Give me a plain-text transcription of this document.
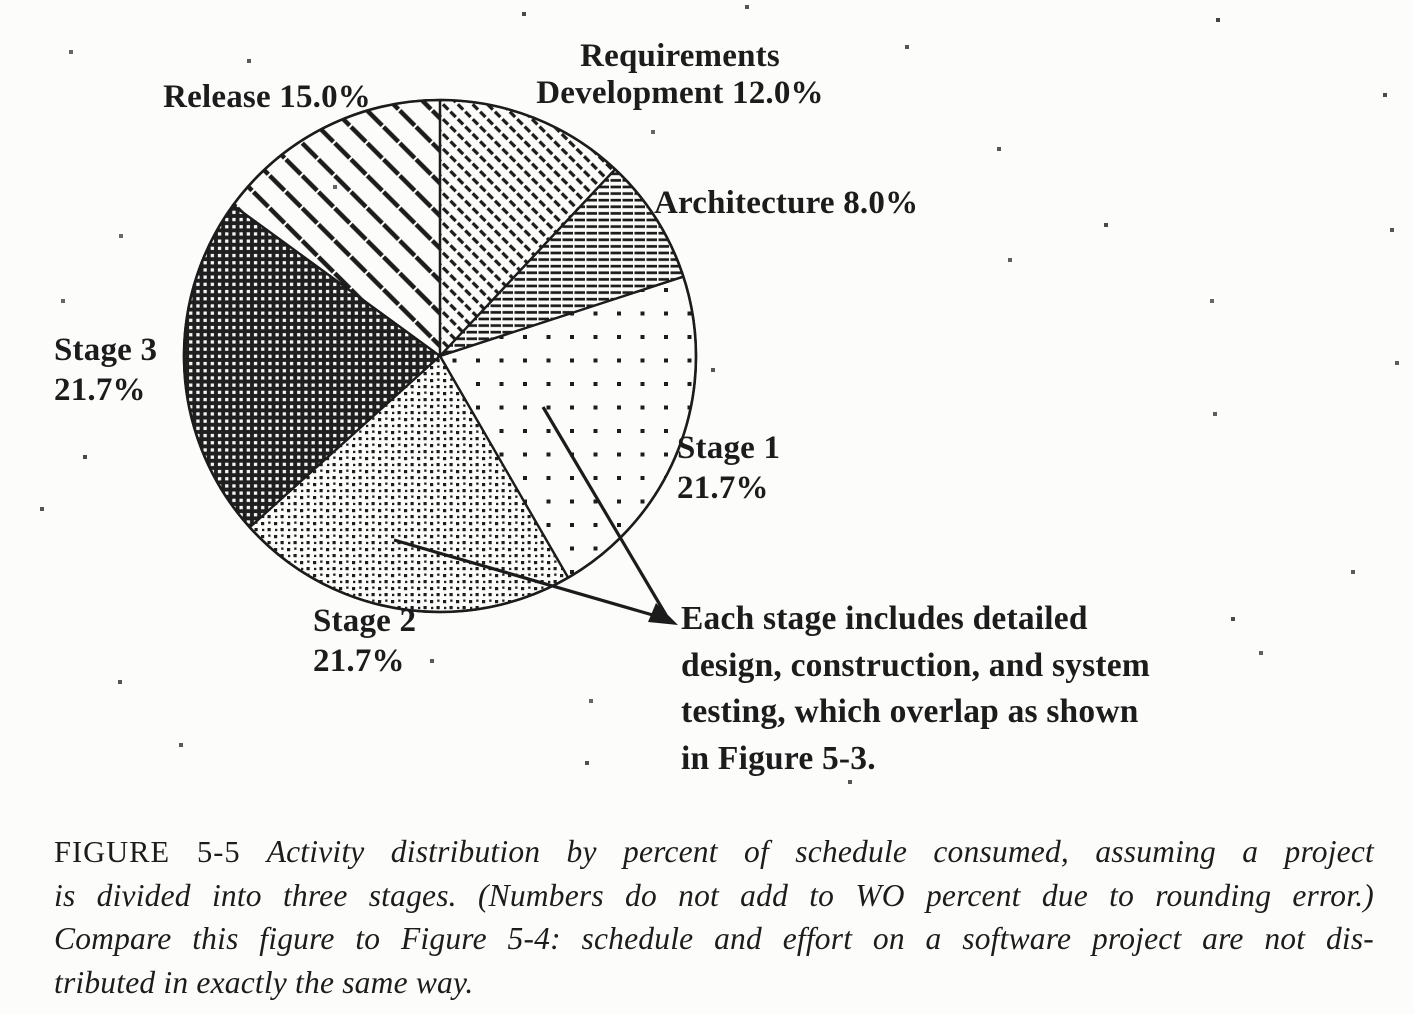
Requirements
Development 12.0%
Release 15.0%
Architecture 8.0%
Stage 1
21.7%
Stage 2
21.7%
Stage 3
21.7%
Each stage includes detailed
design, construction, and system
testing, which overlap as shown
in Figure 5-3.
FIGURE 5-5 Activity distribution by percent of schedule consumed, assuming a project
is divided into three stages. (Numbers do not add to WO percent due to rounding error.)
Compare this figure to Figure 5-4: schedule and effort on a software project are not dis-
tributed in exactly the same way.
